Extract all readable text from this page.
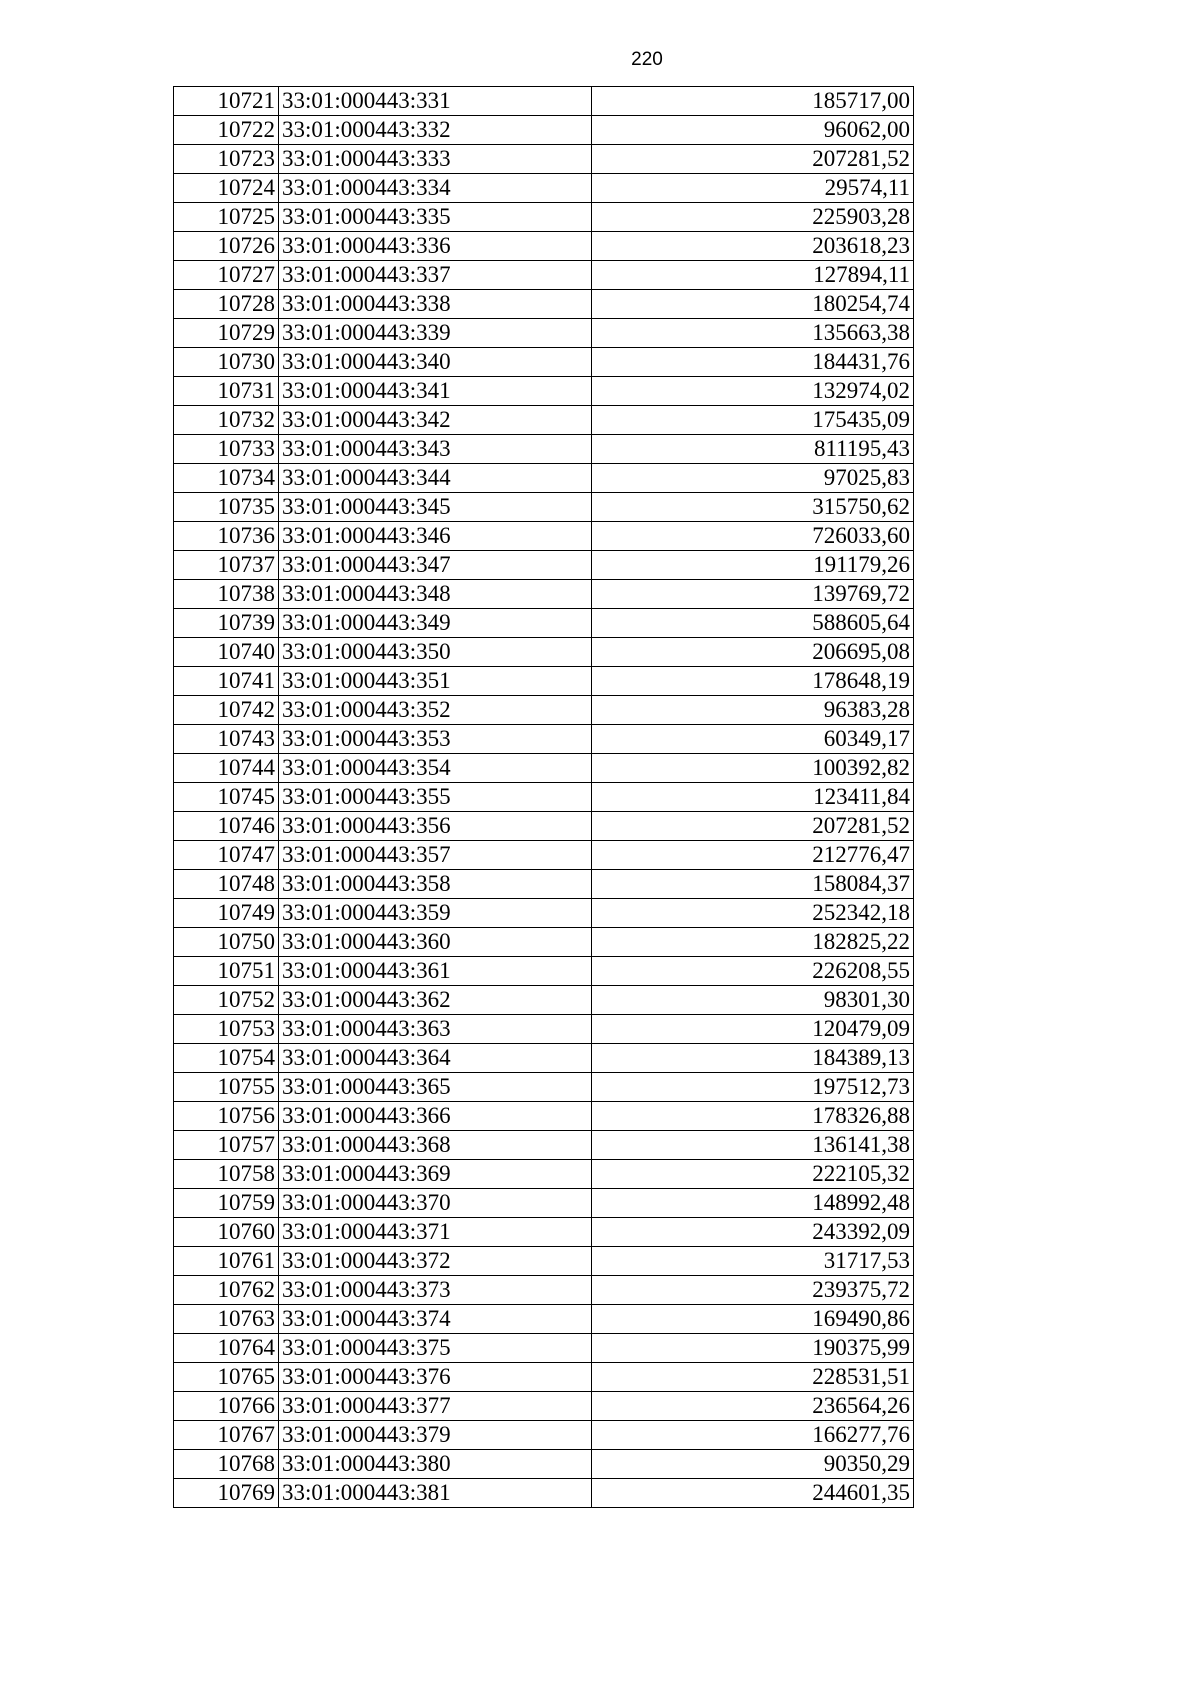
220
10721	33:01:000443:331	185717,00
10722	33:01:000443:332	96062,00
10723	33:01:000443:333	207281,52
10724	33:01:000443:334	29574,11
10725	33:01:000443:335	225903,28
10726	33:01:000443:336	203618,23
10727	33:01:000443:337	127894,11
10728	33:01:000443:338	180254,74
10729	33:01:000443:339	135663,38
10730	33:01:000443:340	184431,76
10731	33:01:000443:341	132974,02
10732	33:01:000443:342	175435,09
10733	33:01:000443:343	811195,43
10734	33:01:000443:344	97025,83
10735	33:01:000443:345	315750,62
10736	33:01:000443:346	726033,60
10737	33:01:000443:347	191179,26
10738	33:01:000443:348	139769,72
10739	33:01:000443:349	588605,64
10740	33:01:000443:350	206695,08
10741	33:01:000443:351	178648,19
10742	33:01:000443:352	96383,28
10743	33:01:000443:353	60349,17
10744	33:01:000443:354	100392,82
10745	33:01:000443:355	123411,84
10746	33:01:000443:356	207281,52
10747	33:01:000443:357	212776,47
10748	33:01:000443:358	158084,37
10749	33:01:000443:359	252342,18
10750	33:01:000443:360	182825,22
10751	33:01:000443:361	226208,55
10752	33:01:000443:362	98301,30
10753	33:01:000443:363	120479,09
10754	33:01:000443:364	184389,13
10755	33:01:000443:365	197512,73
10756	33:01:000443:366	178326,88
10757	33:01:000443:368	136141,38
10758	33:01:000443:369	222105,32
10759	33:01:000443:370	148992,48
10760	33:01:000443:371	243392,09
10761	33:01:000443:372	31717,53
10762	33:01:000443:373	239375,72
10763	33:01:000443:374	169490,86
10764	33:01:000443:375	190375,99
10765	33:01:000443:376	228531,51
10766	33:01:000443:377	236564,26
10767	33:01:000443:379	166277,76
10768	33:01:000443:380	90350,29
10769	33:01:000443:381	244601,35
